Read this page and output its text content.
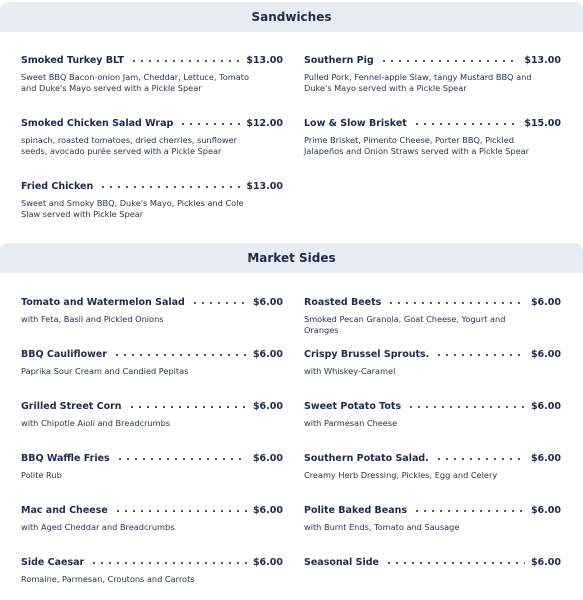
Sandwiches
Smoked Turkey BLT	$13.00
Sweet BBQ Bacon-onion Jam, Cheddar, Lettuce, Tomato and Duke's Mayo served with a Pickle Spear
Southern Pig	$13.00
Pulled Pork, Fennel-apple Slaw, tangy Mustard BBQ and Duke's Mayo served with a Pickle Spear
Smoked Chicken Salad Wrap	$12.00
spinach, roasted tomatoes, dried cherries, sunflower seeds, avocado purée served with a Pickle Spear
Low & Slow Brisket	$15.00
Prime Brisket, Pimento Cheese, Porter BBQ, Pickled Jalapeños and Onion Straws served with a Pickle Spear
Fried Chicken	$13.00
Sweet and Smoky BBQ, Duke's Mayo, Pickles and Cole Slaw served with Pickle Spear
Market Sides
Tomato and Watermelon Salad	$6.00
with Feta, Basil and Pickled Onions
Roasted Beets	$6.00
Smoked Pecan Granola, Goat Cheese, Yogurt and Oranges
BBQ Cauliflower	$6.00
Paprika Sour Cream and Candied Pepitas
Crispy Brussel Sprouts.	$6.00
with Whiskey-Caramel
Grilled Street Corn	$6.00
with Chipotle Aioli and Breadcrumbs
Sweet Potato Tots	$6.00
with Parmesan Cheese
BBQ Waffle Fries	$6.00
Polite Rub
Southern Potato Salad.	$6.00
Creamy Herb Dressing, Pickles, Egg and Celery
Mac and Cheese	$6.00
with Aged Cheddar and Breadcrumbs
Polite Baked Beans	$6.00
with Burnt Ends, Tomato and Sausage
Side Caesar	$6.00
Romaine, Parmesan, Croutons and Carrots
Seasonal Side	$6.00
